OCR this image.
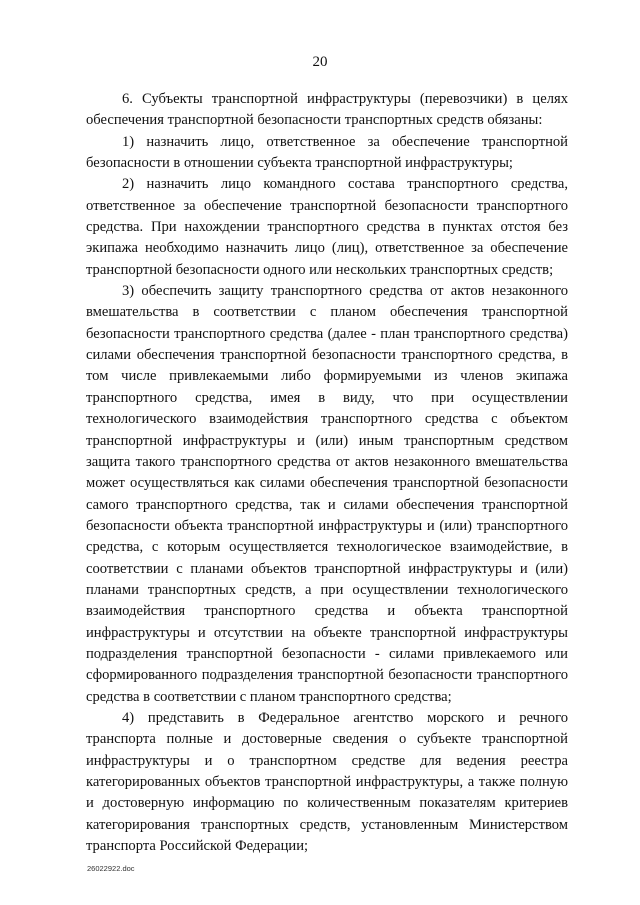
20

6. Субъекты транспортной инфраструктуры (перевозчики) в целях обеспечения транспортной безопасности транспортных средств обязаны:

1) назначить лицо, ответственное за обеспечение транспортной безопасности в отношении субъекта транспортной инфраструктуры;

2) назначить лицо командного состава транспортного средства, ответственное за обеспечение транспортной безопасности транспортного средства. При нахождении транспортного средства в пунктах отстоя без экипажа необходимо назначить лицо (лиц), ответственное за обеспечение транспортной безопасности одного или нескольких транспортных средств;

3) обеспечить защиту транспортного средства от актов незаконного вмешательства в соответствии с планом обеспечения транспортной безопасности транспортного средства (далее - план транспортного средства) силами обеспечения транспортной безопасности транспортного средства, в том числе привлекаемыми либо формируемыми из членов экипажа транспортного средства, имея в виду, что при осуществлении технологического взаимодействия транспортного средства с объектом транспортной инфраструктуры и (или) иным транспортным средством защита такого транспортного средства от актов незаконного вмешательства может осуществляться как силами обеспечения транспортной безопасности самого транспортного средства, так и силами обеспечения транспортной безопасности объекта транспортной инфраструктуры и (или) транспортного средства, с которым осуществляется технологическое взаимодействие, в соответствии с планами объектов транспортной инфраструктуры и (или) планами транспортных средств, а при осуществлении технологического взаимодействия транспортного средства и объекта транспортной инфраструктуры и отсутствии на объекте транспортной инфраструктуры подразделения транспортной безопасности - силами привлекаемого или сформированного подразделения транспортной безопасности транспортного средства в соответствии с планом транспортного средства;

4) представить в Федеральное агентство морского и речного транспорта полные и достоверные сведения о субъекте транспортной инфраструктуры и о транспортном средстве для ведения реестра категорированных объектов транспортной инфраструктуры, а также полную и достоверную информацию по количественным показателям критериев категорирования транспортных средств, установленным Министерством транспорта Российской Федерации;

26022922.doc
